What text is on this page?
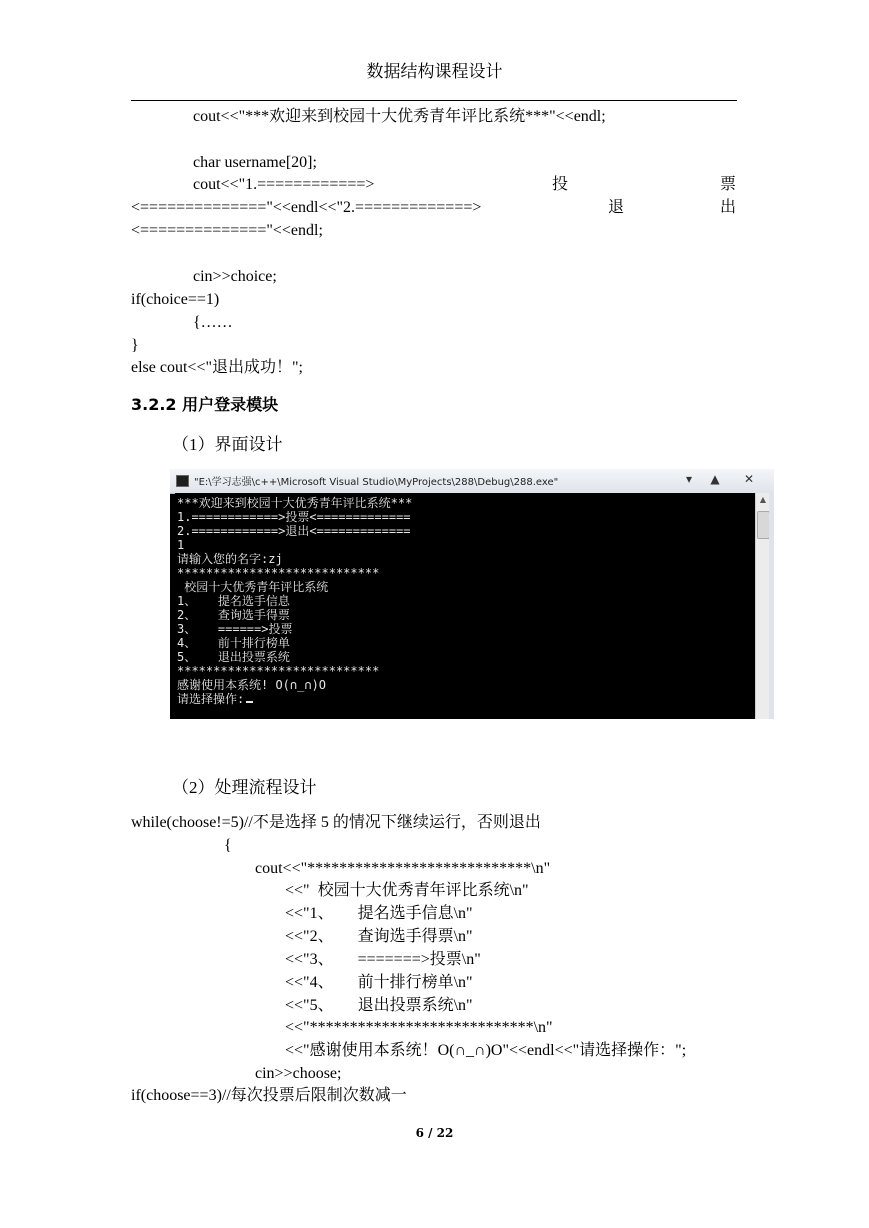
数据结构课程设计
cout<<"***欢迎来到校园十大优秀青年评比系统***"<<endl;
char username[20];
cout<<"1.============>	投	票
<=============="<<endl<<"2.=============>	退	出
<=============="<<endl;
cin>>choice;
if(choice==1)
{……
}
else cout<<"退出成功！";
3.2.2 用户登录模块
（1）界面设计
"E:\学习志强\c++\Microsoft Visual Studio\MyProjects\288\Debug\288.exe"	▾	▲	✕
***欢迎来到校园十大优秀青年评比系统***
1.============>投票<=============
2.============>退出<=============
1
请输入您的名字:zj
****************************
校园十大优秀青年评比系统
1、   提名选手信息
2、   查询选手得票
3、   ======>投票
4、   前十排行榜单
5、   退出投票系统
****************************
感谢使用本系统! O(∩_∩)O
请选择操作:
▲
（2）处理流程设计
while(choose!=5)//不是选择 5 的情况下继续运行，否则退出
{
cout<<"****************************\n"
<<"  校园十大优秀青年评比系统\n"
<<"1、      提名选手信息\n"
<<"2、      查询选手得票\n"
<<"3、      =======>投票\n"
<<"4、      前十排行榜单\n"
<<"5、      退出投票系统\n"
<<"****************************\n"
<<"感谢使用本系统！O(∩_∩)O"<<endl<<"请选择操作：";
cin>>choose;
if(choose==3)//每次投票后限制次数减一
6 / 22
